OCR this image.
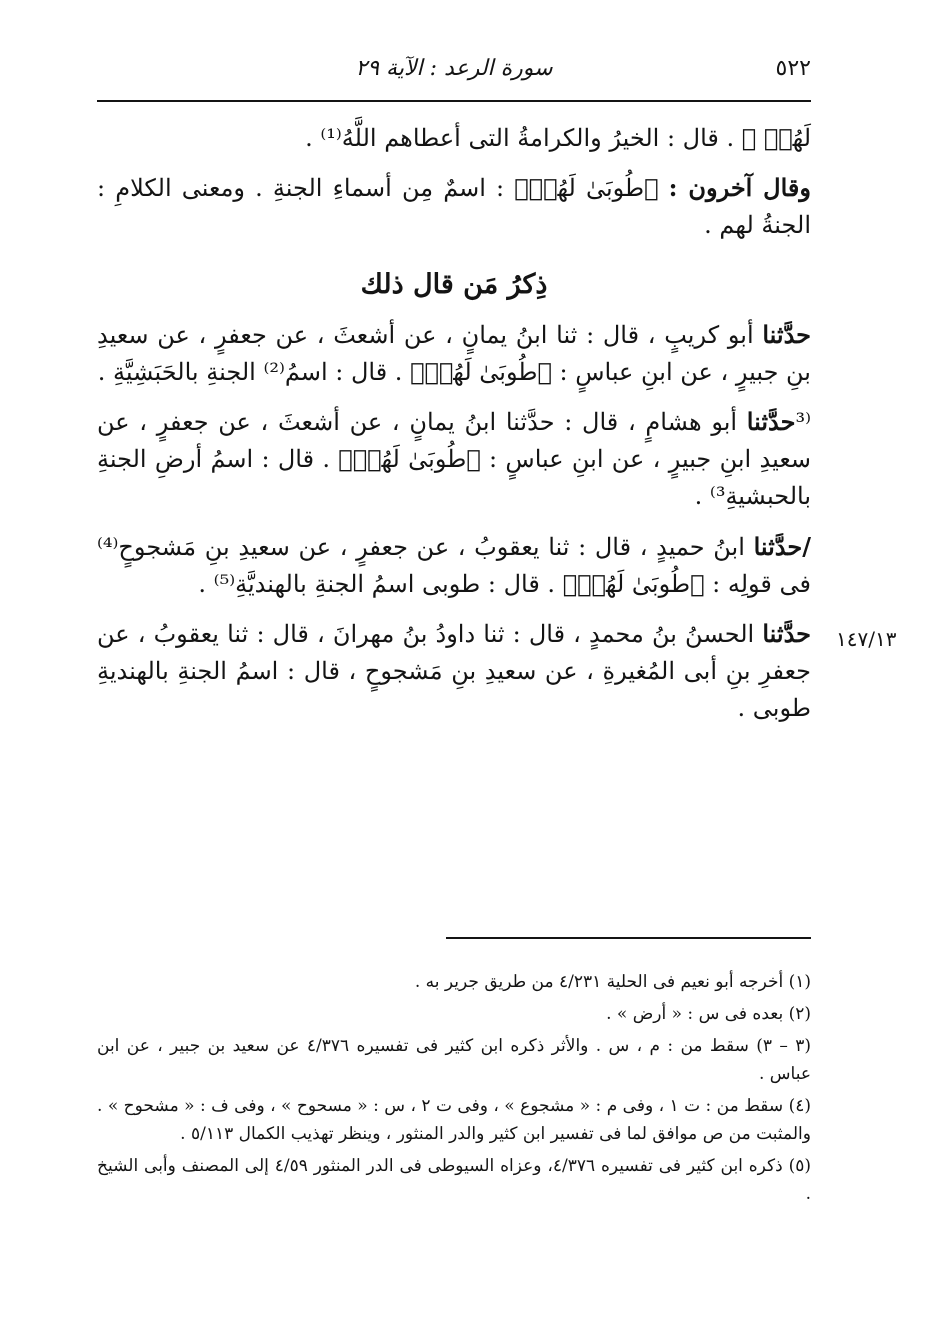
٥٢٢
سورة الرعد : الآية ٢٩

لَهُمۡ ﴾ . قال : الخيرُ والكرامةُ التى أعطاهم اللَّهُ⁽¹⁾ .

وقال آخرون : ﴿طُوبَىٰ لَهُمۡ﴾ : اسمٌ مِن أسماءِ الجنةِ . ومعنى الكلامِ : الجنةُ لهم .

ذِكرُ مَن قال ذلك

حدَّثنا أبو كريبٍ ، قال : ثنا ابنُ يمانٍ ، عن أشعثَ ، عن جعفرٍ ، عن سعيدِ بنِ جبيرٍ ، عن ابنِ عباسٍ : ﴿طُوبَىٰ لَهُمۡ﴾ . قال : اسمُ⁽²⁾ الجنةِ بالحَبَشِيَّةِ .

⁽³حدَّثنا أبو هشامٍ ، قال : حدَّثنا ابنُ يمانٍ ، عن أشعثَ ، عن جعفرٍ ، عن سعيدِ ابنِ جبيرٍ ، عن ابنِ عباسٍ : ﴿طُوبَىٰ لَهُمۡ﴾ . قال : اسمُ أرضِ الجنةِ بالحبشيةِ³⁾ .

/حدَّثنا ابنُ حميدٍ ، قال : ثنا يعقوبُ ، عن جعفرٍ ، عن سعيدِ بنِ مَشجوحٍ⁽⁴⁾ فى قولِه : ﴿طُوبَىٰ لَهُمۡ﴾ . قال : طوبى اسمُ الجنةِ بالهنديَّةِ⁽⁵⁾ .

حدَّثنا الحسنُ بنُ محمدٍ ، قال : ثنا داودُ بنُ مهرانَ ، قال : ثنا يعقوبُ ، عن جعفرِ بنِ أبى المُغيرةِ ، عن سعيدِ بنِ مَشجوحٍ ، قال : اسمُ الجنةِ بالهنديةِ طوبى .

١٤٧/١٣

(١) أخرجه أبو نعيم فى الحلية ٤/٢٣١ من طريق جرير به .

(٢) بعده فى س : « أرض » .

(٣ – ٣) سقط من : م ، س . والأثر ذكره ابن كثير فى تفسيره ٤/٣٧٦ عن سعيد بن جبير ، عن ابن عباس .

(٤) سقط من : ت ١ ، وفى م : « مشجوع » ، وفى ت ٢ ، س : « مسحوح » ، وفى ف : « مشحوح » . والمثبت من ص موافق لما فى تفسير ابن كثير والدر المنثور ، وينظر تهذيب الكمال ٥/١١٣ .

(٥) ذكره ابن كثير فى تفسيره ٤/٣٧٦، وعزاه السيوطى فى الدر المنثور ٤/٥٩ إلى المصنف وأبى الشيخ .
